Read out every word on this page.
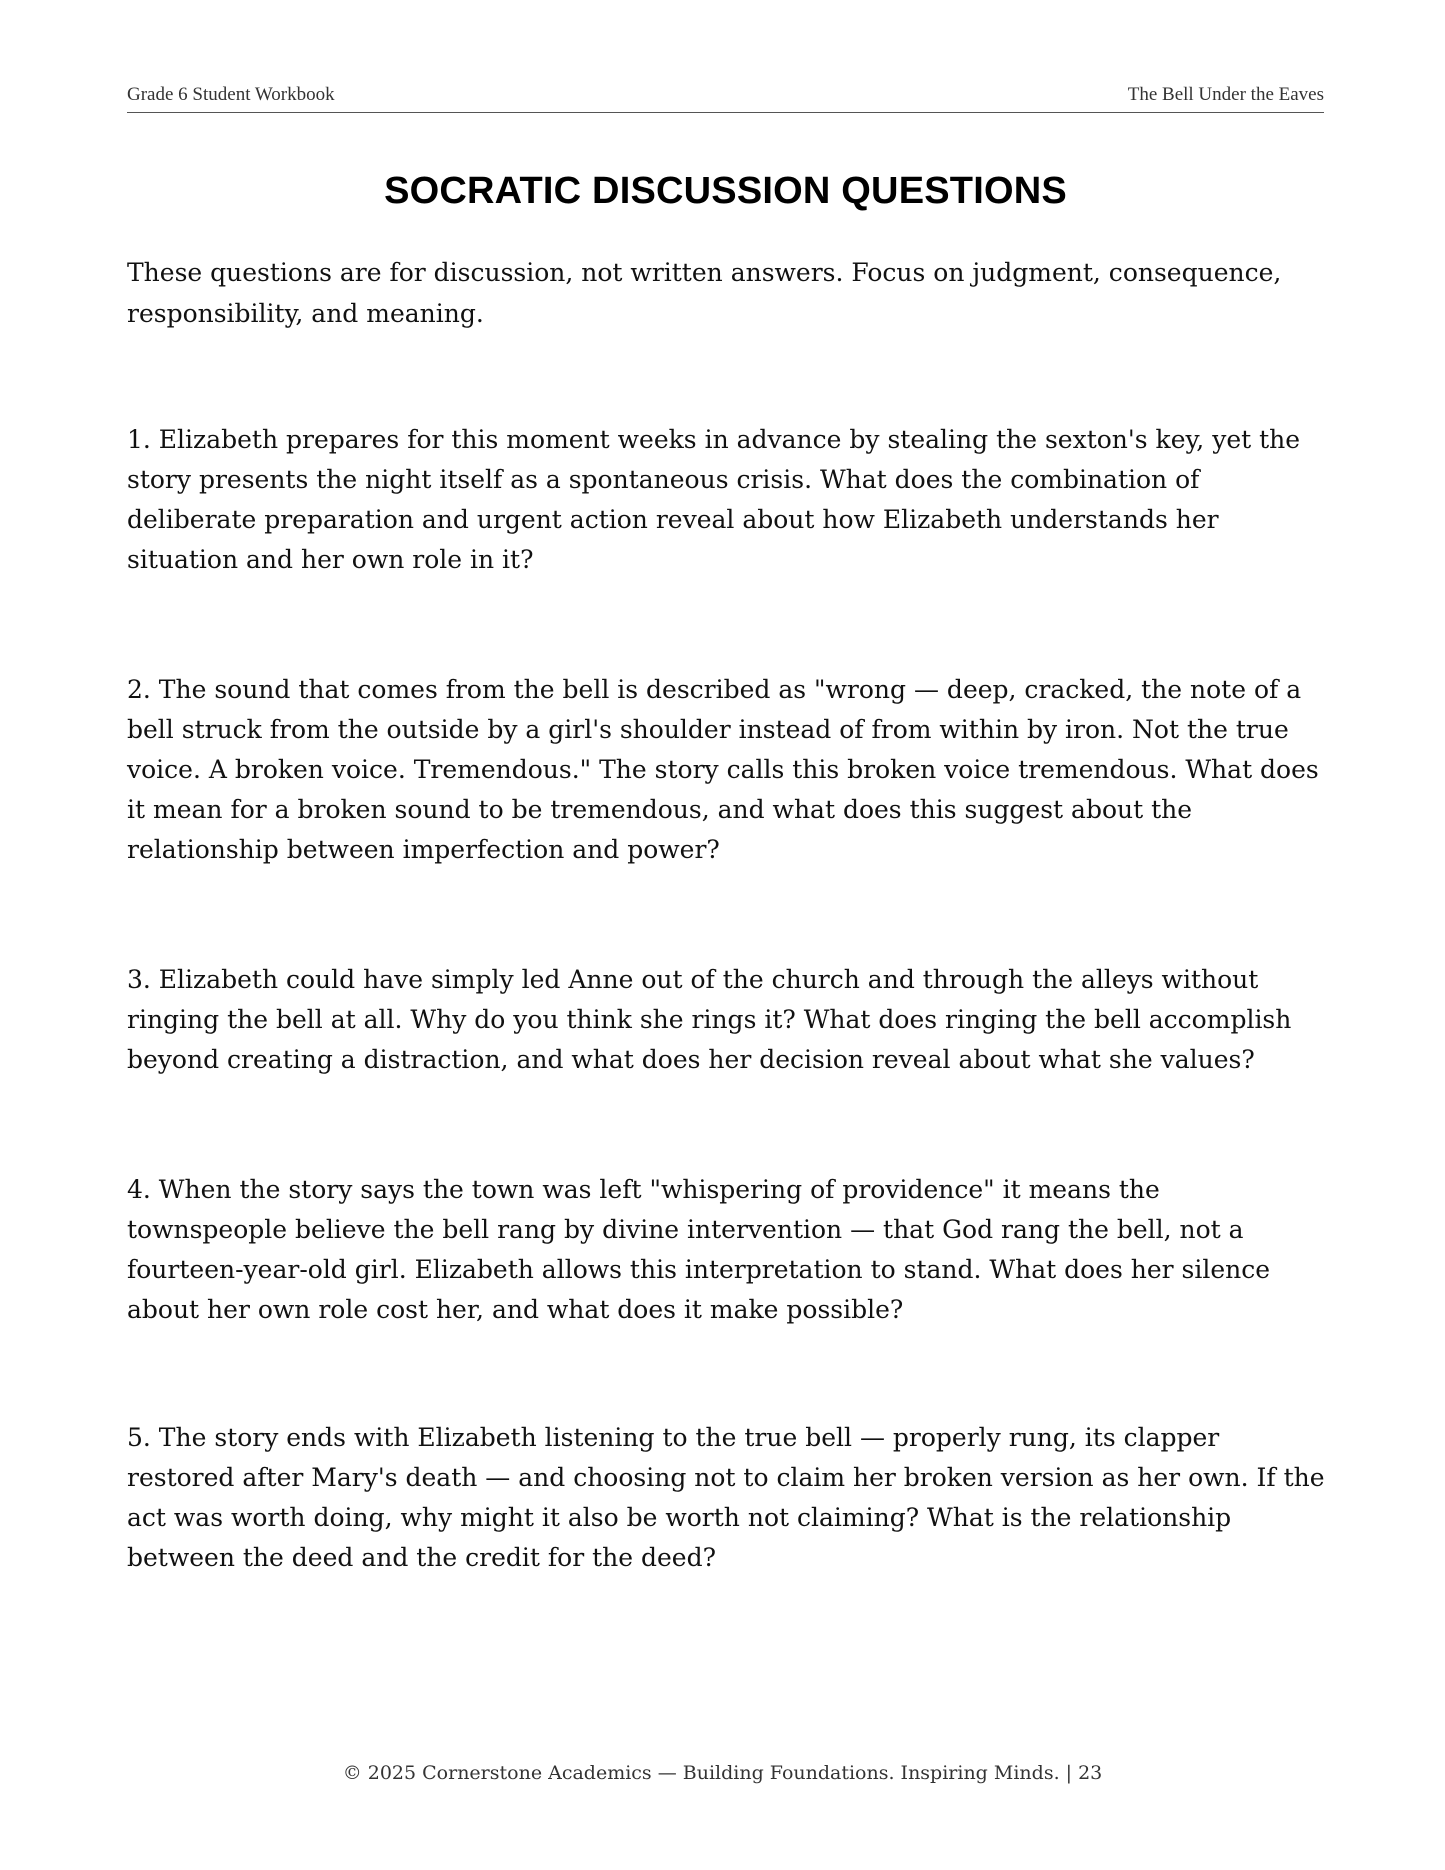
Grade 6 Student Workbook	The Bell Under the Eaves
SOCRATIC DISCUSSION QUESTIONS

These questions are for discussion, not written answers. Focus on judgment, consequence, responsibility, and meaning.

1. Elizabeth prepares for this moment weeks in advance by stealing the sexton's key, yet the story presents the night itself as a spontaneous crisis. What does the combination of deliberate preparation and urgent action reveal about how Elizabeth understands her situation and her own role in it?

2. The sound that comes from the bell is described as "wrong — deep, cracked, the note of a bell struck from the outside by a girl's shoulder instead of from within by iron. Not the true voice. A broken voice. Tremendous." The story calls this broken voice tremendous. What does it mean for a broken sound to be tremendous, and what does this suggest about the relationship between imperfection and power?

3. Elizabeth could have simply led Anne out of the church and through the alleys without ringing the bell at all. Why do you think she rings it? What does ringing the bell accomplish beyond creating a distraction, and what does her decision reveal about what she values?

4. When the story says the town was left "whispering of providence" it means the townspeople believe the bell rang by divine intervention — that God rang the bell, not a fourteen-year-old girl. Elizabeth allows this interpretation to stand. What does her silence about her own role cost her, and what does it make possible?

5. The story ends with Elizabeth listening to the true bell — properly rung, its clapper restored after Mary's death — and choosing not to claim her broken version as her own. If the act was worth doing, why might it also be worth not claiming? What is the relationship between the deed and the credit for the deed?

© 2025 Cornerstone Academics — Building Foundations. Inspiring Minds. | 23
